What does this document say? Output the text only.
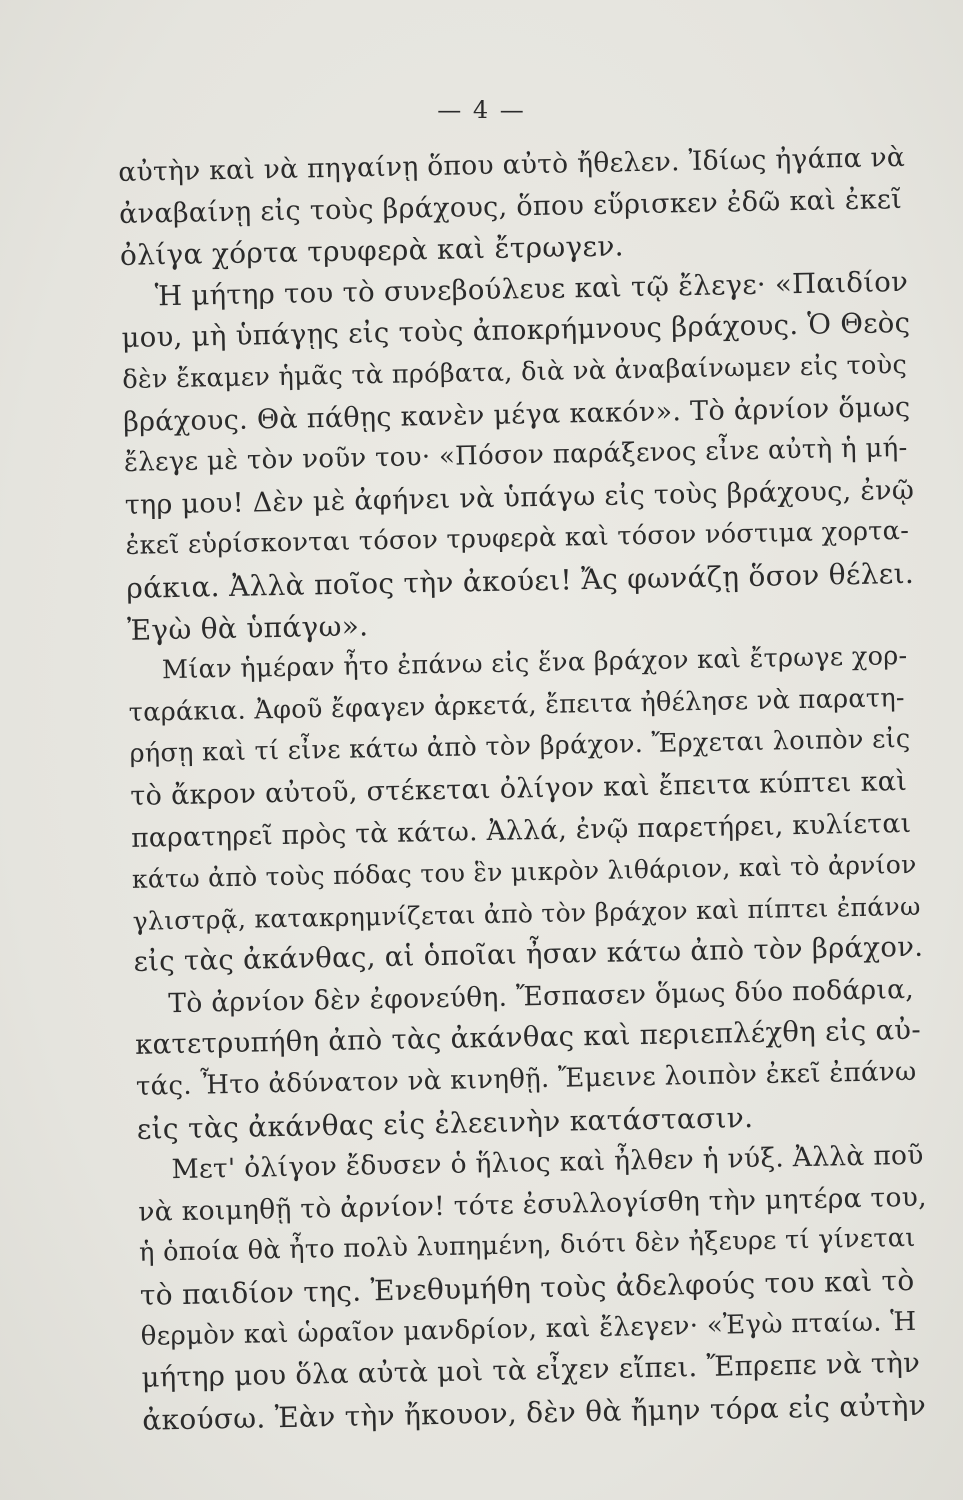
— 4 —
αὐτὴν καὶ νὰ πηγαίνῃ ὅπου αὐτὸ ἤθελεν. Ἰδίως ἠγάπα νὰ
ἀναβαίνῃ εἰς τοὺς βράχους, ὅπου εὕρισκεν ἐδῶ καὶ ἐκεῖ
ὀλίγα χόρτα τρυφερὰ καὶ ἔτρωγεν.
Ἡ μήτηρ του τὸ συνεβούλευε καὶ τῷ ἔλεγε· «Παιδίον
μου, μὴ ὑπάγῃς εἰς τοὺς ἀποκρήμνους βράχους. Ὁ Θεὸς
δὲν ἔκαμεν ἡμᾶς τὰ πρόβατα, διὰ νὰ ἀναβαίνωμεν εἰς τοὺς
βράχους. Θὰ πάθῃς κανὲν μέγα κακόν». Τὸ ἀρνίον ὅμως
ἔλεγε μὲ τὸν νοῦν του· «Πόσον παράξενος εἶνε αὐτὴ ἡ μή-
τηρ μου! Δὲν μὲ ἀφήνει νὰ ὑπάγω εἰς τοὺς βράχους, ἐνῷ
ἐκεῖ εὑρίσκονται τόσον τρυφερὰ καὶ τόσον νόστιμα χορτα-
ράκια. Ἀλλὰ ποῖος τὴν ἀκούει! Ἄς φωνάζῃ ὅσον θέλει.
Ἐγὼ θὰ ὑπάγω».
Μίαν ἡμέραν ἦτο ἐπάνω εἰς ἕνα βράχον καὶ ἔτρωγε χορ-
ταράκια. Ἀφοῦ ἔφαγεν ἀρκετά, ἔπειτα ἠθέλησε νὰ παρατη-
ρήσῃ καὶ τί εἶνε κάτω ἀπὸ τὸν βράχον. Ἔρχεται λοιπὸν εἰς
τὸ ἄκρον αὐτοῦ, στέκεται ὀλίγον καὶ ἔπειτα κύπτει καὶ
παρατηρεῖ πρὸς τὰ κάτω. Ἀλλά, ἐνῷ παρετήρει, κυλίεται
κάτω ἀπὸ τοὺς πόδας του ἓν μικρὸν λιθάριον, καὶ τὸ ἀρνίον
γλιστρᾷ, κατακρημνίζεται ἀπὸ τὸν βράχον καὶ πίπτει ἐπάνω
εἰς τὰς ἀκάνθας, αἱ ὁποῖαι ἦσαν κάτω ἀπὸ τὸν βράχον.
Τὸ ἀρνίον δὲν ἐφονεύθη. Ἔσπασεν ὅμως δύο ποδάρια,
κατετρυπήθη ἀπὸ τὰς ἀκάνθας καὶ περιεπλέχθη εἰς αὐ-
τάς. Ἦτο ἀδύνατον νὰ κινηθῇ. Ἔμεινε λοιπὸν ἐκεῖ ἐπάνω
εἰς τὰς ἀκάνθας εἰς ἐλεεινὴν κατάστασιν.
Μετ' ὀλίγον ἔδυσεν ὁ ἥλιος καὶ ἦλθεν ἡ νύξ. Ἀλλὰ ποῦ
νὰ κοιμηθῇ τὸ ἀρνίον! τότε ἐσυλλογίσθη τὴν μητέρα του,
ἡ ὁποία θὰ ἦτο πολὺ λυπημένη, διότι δὲν ἠξευρε τί γίνεται
τὸ παιδίον της. Ἐνεθυμήθη τοὺς ἀδελφούς του καὶ τὸ
θερμὸν καὶ ὡραῖον μανδρίον, καὶ ἔλεγεν· «Ἐγὼ πταίω. Ἡ
μήτηρ μου ὅλα αὐτὰ μοὶ τὰ εἶχεν εἴπει. Ἔπρεπε νὰ τὴν
ἀκούσω. Ἐὰν τὴν ἤκουον, δὲν θὰ ἤμην τόρα εἰς αὐτὴν
